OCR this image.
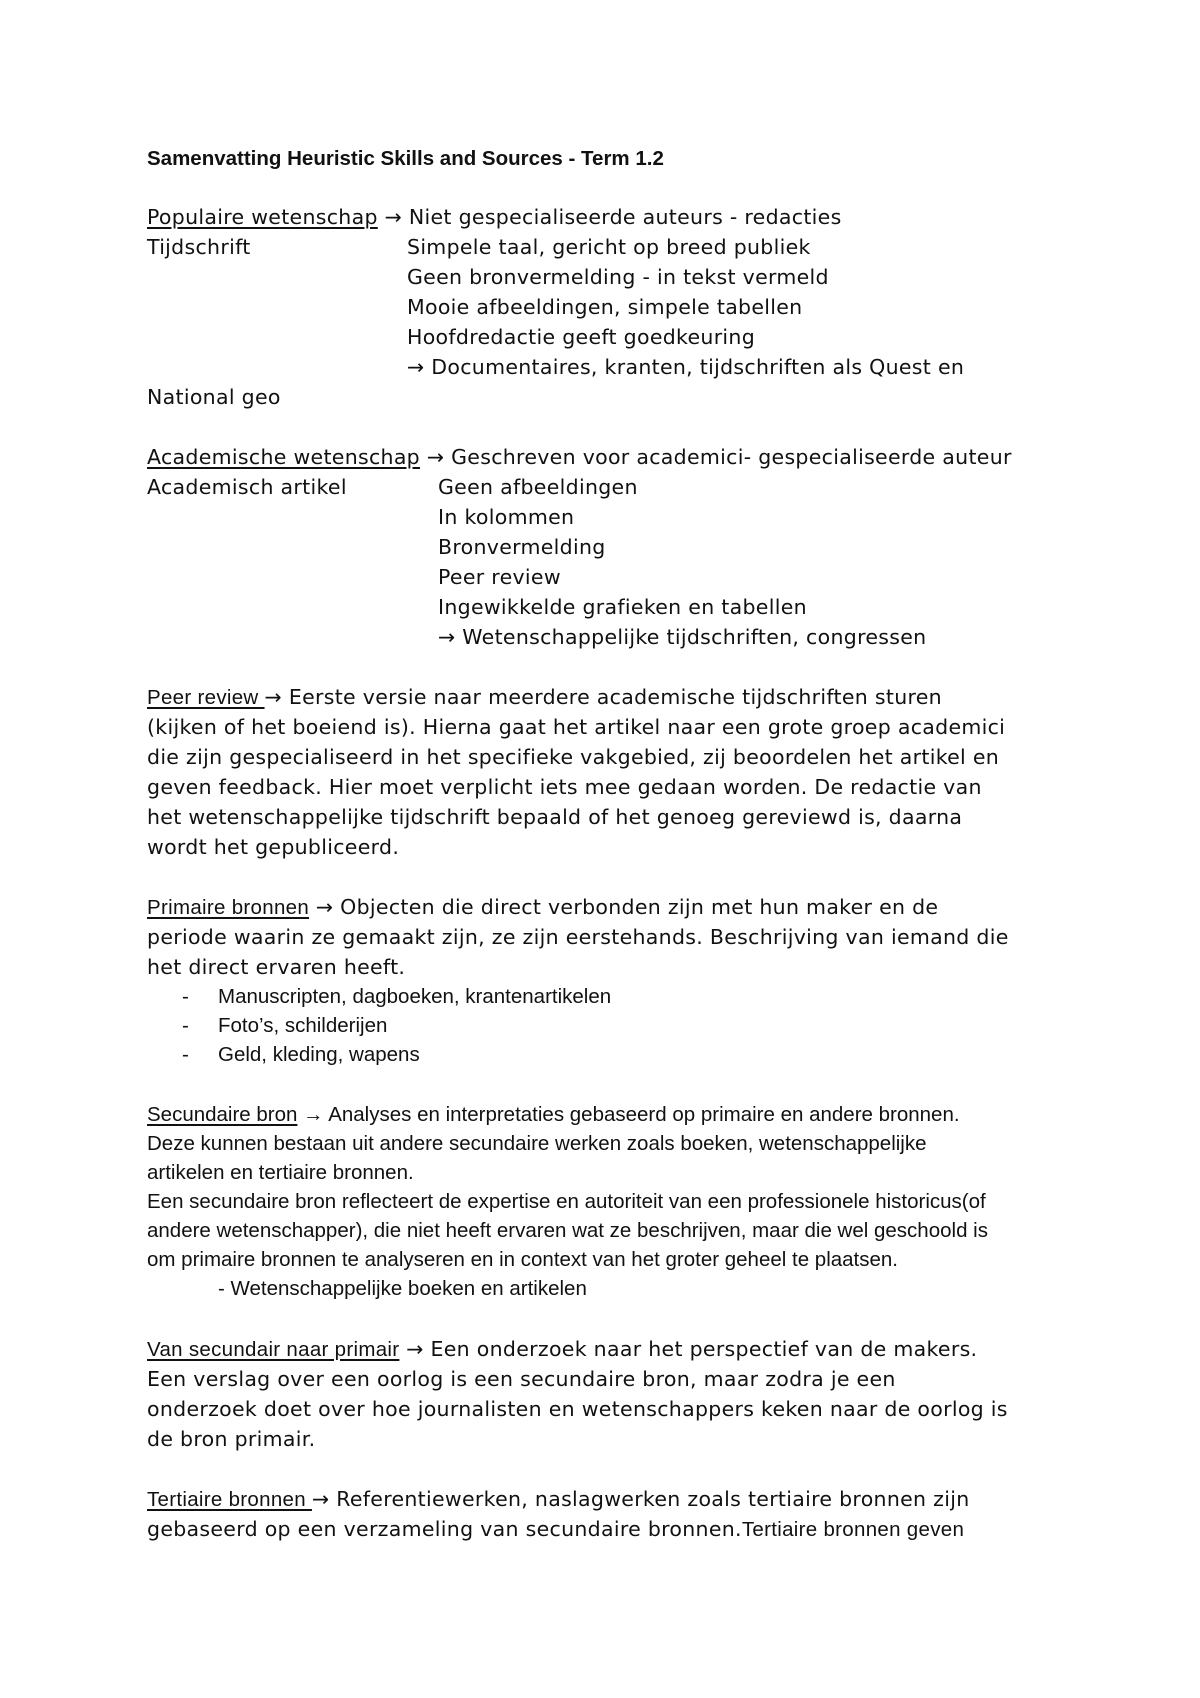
Samenvatting Heuristic Skills and Sources - Term 1.2
Populaire wetenschap → Niet gespecialiseerde auteurs - redacties
Tijdschrift	Simpele taal, gericht op breed publiek
Geen bronvermelding - in tekst vermeld
Mooie afbeeldingen, simpele tabellen
Hoofdredactie geeft goedkeuring
→ Documentaires, kranten, tijdschriften als Quest en
National geo
Academische wetenschap → Geschreven voor academici- gespecialiseerde auteur
Academisch artikel	Geen afbeeldingen
In kolommen
Bronvermelding
Peer review
Ingewikkelde grafieken en tabellen
→ Wetenschappelijke tijdschriften, congressen
Peer review → Eerste versie naar meerdere academische tijdschriften sturen
(kijken of het boeiend is). Hierna gaat het artikel naar een grote groep academici
die zijn gespecialiseerd in het specifieke vakgebied, zij beoordelen het artikel en
geven feedback. Hier moet verplicht iets mee gedaan worden. De redactie van
het wetenschappelijke tijdschrift bepaald of het genoeg gereviewd is, daarna
wordt het gepubliceerd.
Primaire bronnen → Objecten die direct verbonden zijn met hun maker en de
periode waarin ze gemaakt zijn, ze zijn eerstehands. Beschrijving van iemand die
het direct ervaren heeft.
- Manuscripten, dagboeken, krantenartikelen
- Foto’s, schilderijen
- Geld, kleding, wapens
Secundaire bron → Analyses en interpretaties gebaseerd op primaire en andere bronnen.
Deze kunnen bestaan uit andere secundaire werken zoals boeken, wetenschappelijke
artikelen en tertiaire bronnen.
Een secundaire bron reflecteert de expertise en autoriteit van een professionele historicus(of
andere wetenschapper), die niet heeft ervaren wat ze beschrijven, maar die wel geschoold is
om primaire bronnen te analyseren en in context van het groter geheel te plaatsen.
- Wetenschappelijke boeken en artikelen
Van secundair naar primair → Een onderzoek naar het perspectief van de makers.
Een verslag over een oorlog is een secundaire bron, maar zodra je een
onderzoek doet over hoe journalisten en wetenschappers keken naar de oorlog is
de bron primair.
Tertiaire bronnen → Referentiewerken, naslagwerken zoals tertiaire bronnen zijn
gebaseerd op een verzameling van secundaire bronnen.Tertiaire bronnen geven
